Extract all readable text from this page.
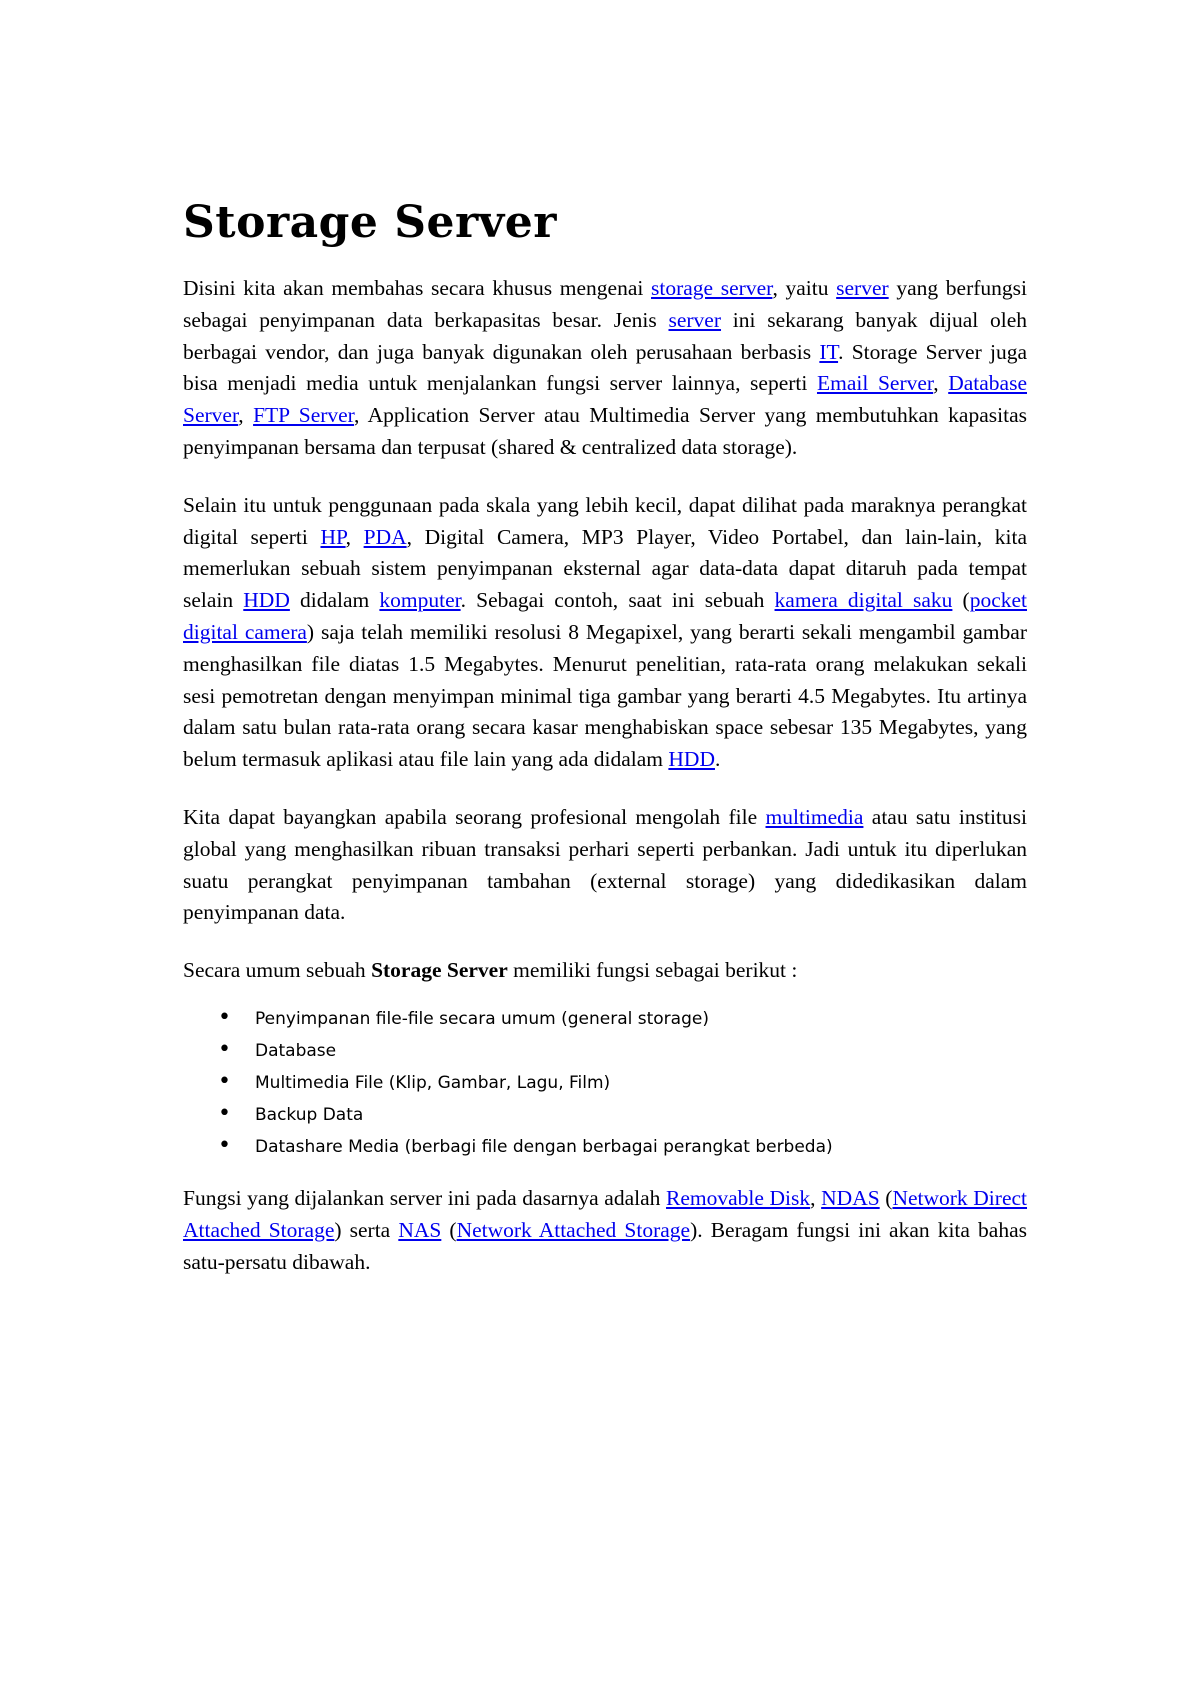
Storage Server

Disini kita akan membahas secara khusus mengenai storage server, yaitu server yang berfungsi sebagai penyimpanan data berkapasitas besar. Jenis server ini sekarang banyak dijual oleh berbagai vendor, dan juga banyak digunakan oleh perusahaan berbasis IT. Storage Server juga bisa menjadi media untuk menjalankan fungsi server lainnya, seperti Email Server, Database Server, FTP Server, Application Server atau Multimedia Server yang membutuhkan kapasitas penyimpanan bersama dan terpusat (shared & centralized data storage).

Selain itu untuk penggunaan pada skala yang lebih kecil, dapat dilihat pada maraknya perangkat digital seperti HP, PDA, Digital Camera, MP3 Player, Video Portabel, dan lain-lain, kita memerlukan sebuah sistem penyimpanan eksternal agar data-data dapat ditaruh pada tempat selain HDD didalam komputer. Sebagai contoh, saat ini sebuah kamera digital saku (pocket digital camera) saja telah memiliki resolusi 8 Megapixel, yang berarti sekali mengambil gambar menghasilkan file diatas 1.5 Megabytes. Menurut penelitian, rata-rata orang melakukan sekali sesi pemotretan dengan menyimpan minimal tiga gambar yang berarti 4.5 Megabytes. Itu artinya dalam satu bulan rata-rata orang secara kasar menghabiskan space sebesar 135 Megabytes, yang belum termasuk aplikasi atau file lain yang ada didalam HDD.

Kita dapat bayangkan apabila seorang profesional mengolah file multimedia atau satu institusi global yang menghasilkan ribuan transaksi perhari seperti perbankan. Jadi untuk itu diperlukan suatu perangkat penyimpanan tambahan (external storage) yang didedikasikan dalam penyimpanan data.

Secara umum sebuah Storage Server memiliki fungsi sebagai berikut :

• Penyimpanan file-file secara umum (general storage)
• Database
• Multimedia File (Klip, Gambar, Lagu, Film)
• Backup Data
• Datashare Media (berbagi file dengan berbagai perangkat berbeda)

Fungsi yang dijalankan server ini pada dasarnya adalah Removable Disk, NDAS (Network Direct Attached Storage) serta NAS (Network Attached Storage). Beragam fungsi ini akan kita bahas satu-persatu dibawah.
